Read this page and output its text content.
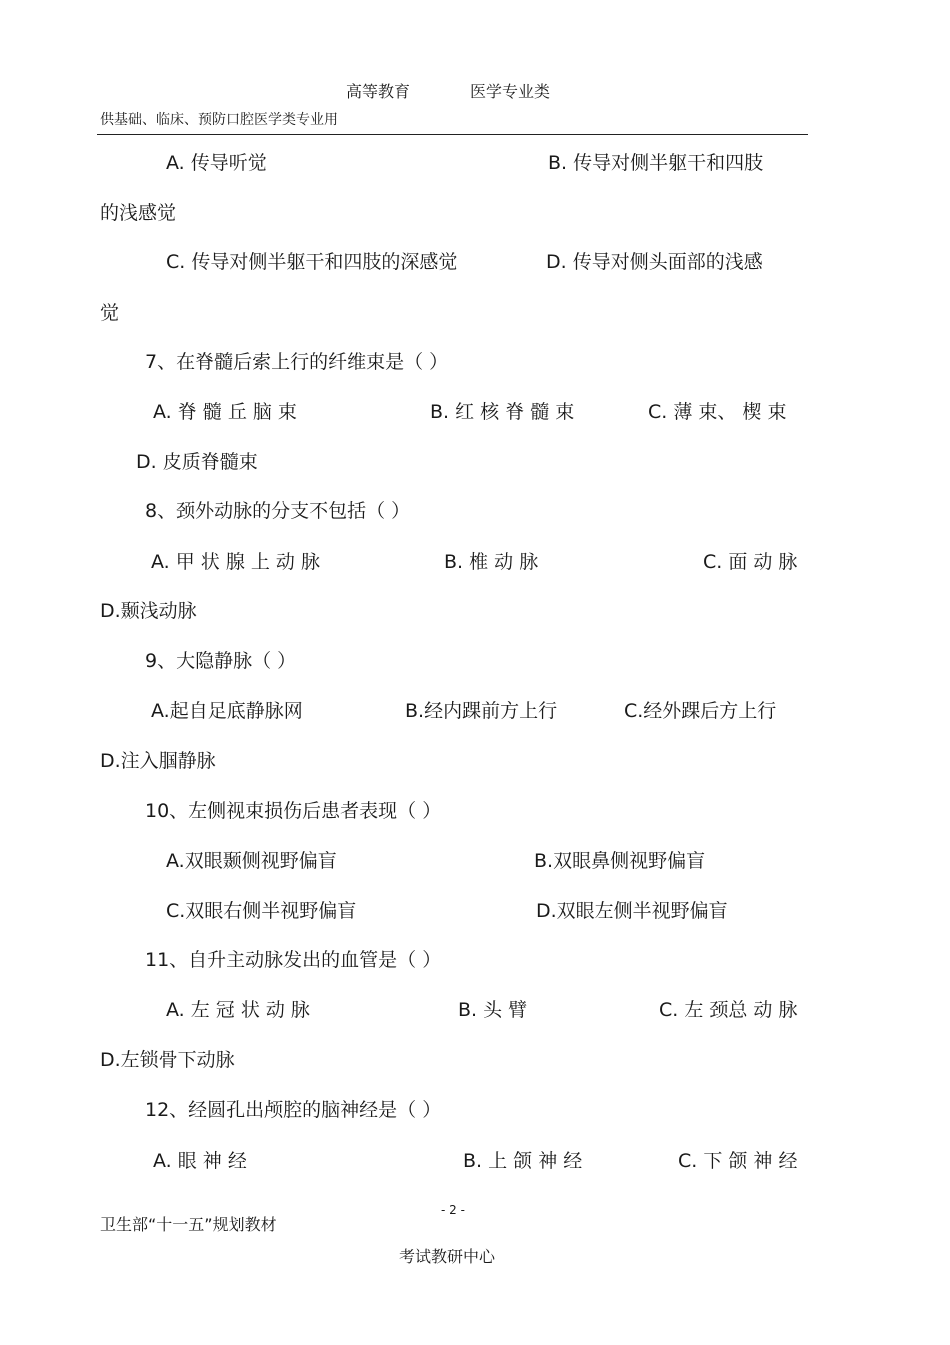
高等教育	医学专业类
供基础、临床、预防口腔医学类专业用
A. 传导听觉	B. 传导对侧半躯干和四肢
的浅感觉
C. 传导对侧半躯干和四肢的深感觉	D. 传导对侧头面部的浅感
觉
7、在脊髓后索上行的纤维束是（ ）
A. 脊 髓 丘 脑 束	B. 红 核 脊 髓 束	C. 薄 束、 楔 束
D. 皮质脊髓束
8、颈外动脉的分支不包括（ ）
A. 甲 状 腺 上 动 脉	B. 椎 动 脉	C. 面 动 脉
D.颞浅动脉
9、大隐静脉（ ）
A.起自足底静脉网	B.经内踝前方上行	C.经外踝后方上行
D.注入腘静脉
10、左侧视束损伤后患者表现（ ）
A.双眼颞侧视野偏盲	B.双眼鼻侧视野偏盲
C.双眼右侧半视野偏盲	D.双眼左侧半视野偏盲
11、自升主动脉发出的血管是（ ）
A. 左 冠 状 动 脉	B. 头 臂	C. 左 颈总 动 脉
D.左锁骨下动脉
12、经圆孔出颅腔的脑神经是（ ）
A. 眼 神 经	B. 上 颌 神 经	C. 下 颌 神 经
- 2 -
卫生部“十一五”规划教材
考试教研中心
